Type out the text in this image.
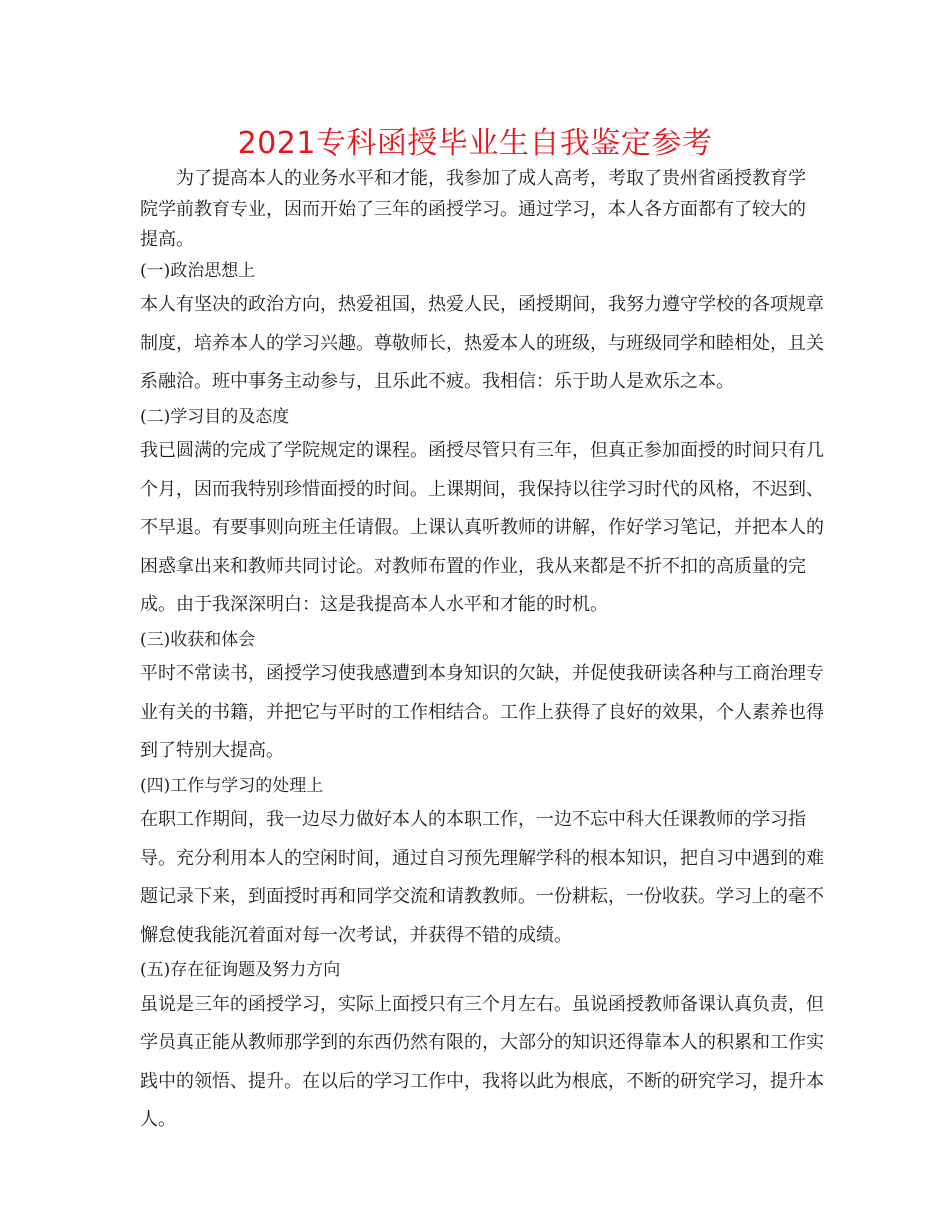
2021专科函授毕业生自我鉴定参考

为了提高本人的业务水平和才能，我参加了成人高考，考取了贵州省函授教育学院学前教育专业，因而开始了三年的函授学习。通过学习，本人各方面都有了较大的提高。

(一)政治思想上

本人有坚决的政治方向，热爱祖国，热爱人民，函授期间，我努力遵守学校的各项规章制度，培养本人的学习兴趣。尊敬师长，热爱本人的班级，与班级同学和睦相处，且关系融洽。班中事务主动参与，且乐此不疲。我相信：乐于助人是欢乐之本。

(二)学习目的及态度

我已圆满的完成了学院规定的课程。函授尽管只有三年，但真正参加面授的时间只有几个月，因而我特别珍惜面授的时间。上课期间，我保持以往学习时代的风格，不迟到、不早退。有要事则向班主任请假。上课认真听教师的讲解，作好学习笔记，并把本人的困惑拿出来和教师共同讨论。对教师布置的作业，我从来都是不折不扣的高质量的完成。由于我深深明白：这是我提高本人水平和才能的时机。

(三)收获和体会

平时不常读书，函授学习使我感遭到本身知识的欠缺，并促使我研读各种与工商治理专业有关的书籍，并把它与平时的工作相结合。工作上获得了良好的效果，个人素养也得到了特别大提高。

(四)工作与学习的处理上

在职工作期间，我一边尽力做好本人的本职工作，一边不忘中科大任课教师的学习指导。充分利用本人的空闲时间，通过自习预先理解学科的根本知识，把自习中遇到的难题记录下来，到面授时再和同学交流和请教教师。一份耕耘，一份收获。学习上的毫不懈怠使我能沉着面对每一次考试，并获得不错的成绩。

(五)存在征询题及努力方向

虽说是三年的函授学习，实际上面授只有三个月左右。虽说函授教师备课认真负责，但学员真正能从教师那学到的东西仍然有限的，大部分的知识还得靠本人的积累和工作实践中的领悟、提升。在以后的学习工作中，我将以此为根底，不断的研究学习，提升本人。
